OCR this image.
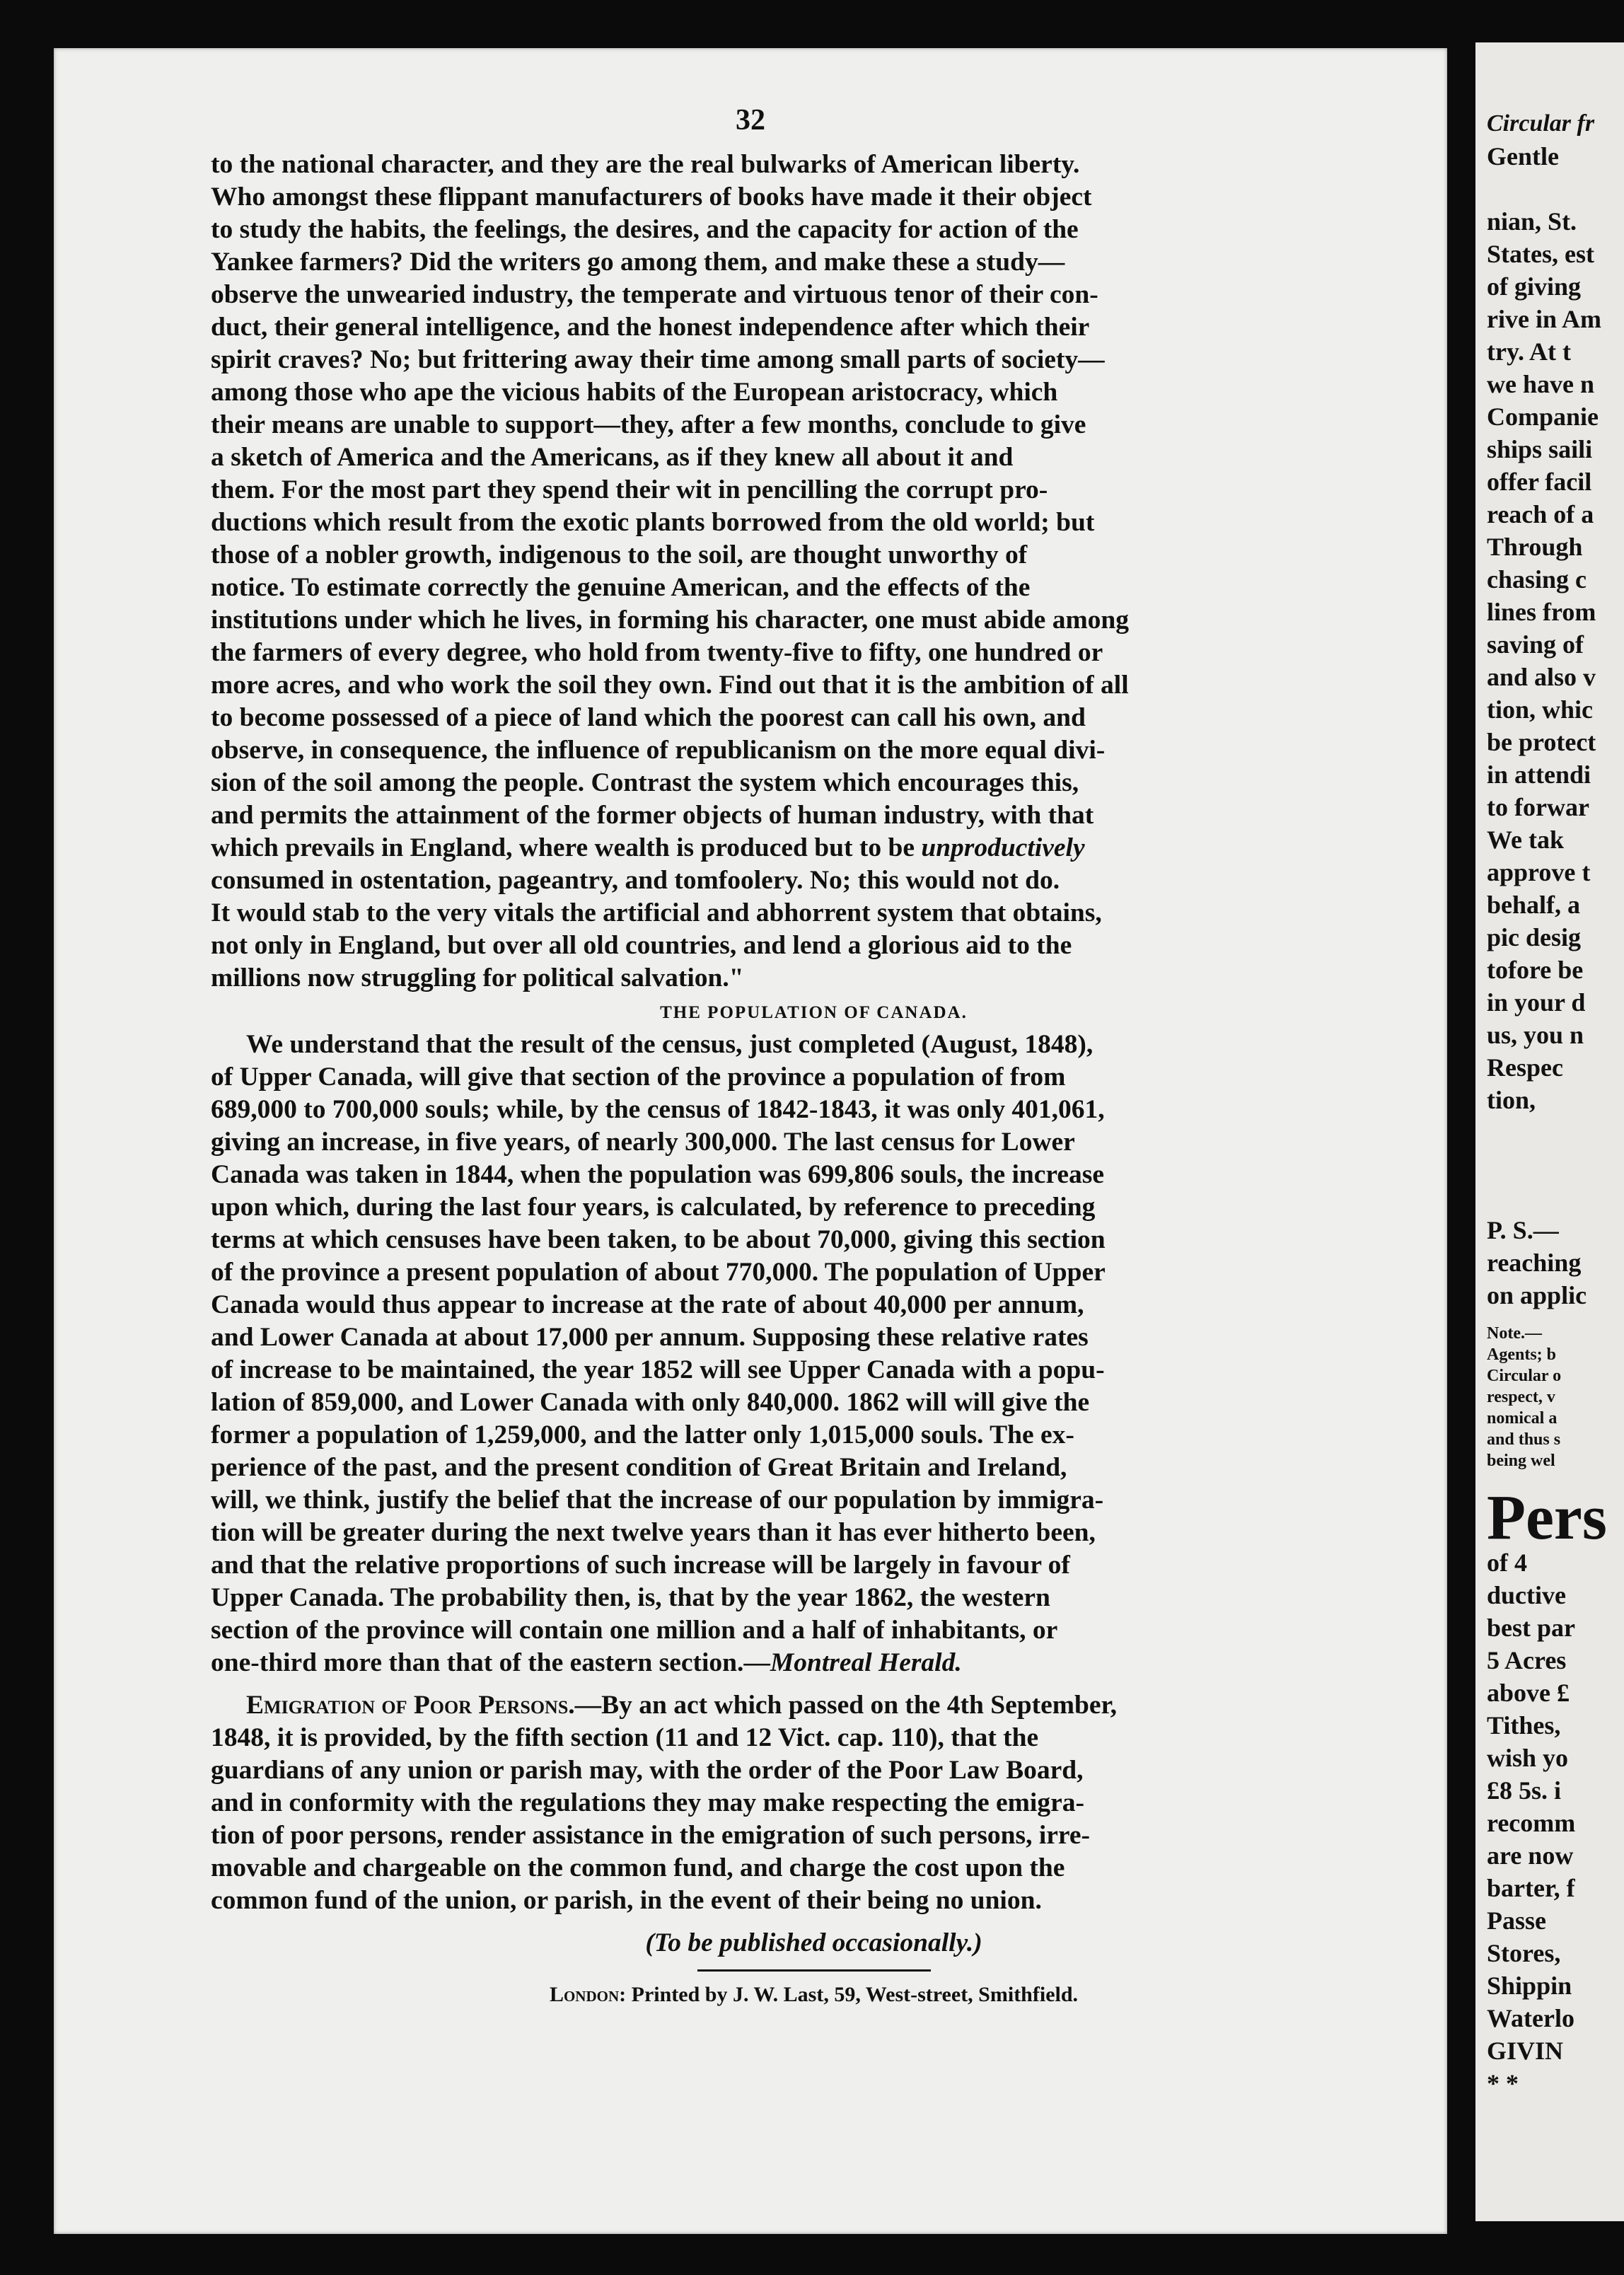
32
to the national character, and they are the real bulwarks of American liberty.
Who amongst these flippant manufacturers of books have made it their object
to study the habits, the feelings, the desires, and the capacity for action of the
Yankee farmers? Did the writers go among them, and make these a study—
observe the unwearied industry, the temperate and virtuous tenor of their con-
duct, their general intelligence, and the honest independence after which their
spirit craves? No; but frittering away their time among small parts of society—
among those who ape the vicious habits of the European aristocracy, which
their means are unable to support—they, after a few months, conclude to give
a sketch of America and the Americans, as if they knew all about it and
them. For the most part they spend their wit in pencilling the corrupt pro-
ductions which result from the exotic plants borrowed from the old world; but
those of a nobler growth, indigenous to the soil, are thought unworthy of
notice. To estimate correctly the genuine American, and the effects of the
institutions under which he lives, in forming his character, one must abide among
the farmers of every degree, who hold from twenty-five to fifty, one hundred or
more acres, and who work the soil they own. Find out that it is the ambition of all
to become possessed of a piece of land which the poorest can call his own, and
observe, in consequence, the influence of republicanism on the more equal divi-
sion of the soil among the people. Contrast the system which encourages this,
and permits the attainment of the former objects of human industry, with that
which prevails in England, where wealth is produced but to be unproductively
consumed in ostentation, pageantry, and tomfoolery. No; this would not do.
It would stab to the very vitals the artificial and abhorrent system that obtains,
not only in England, but over all old countries, and lend a glorious aid to the
millions now struggling for political salvation."
THE POPULATION OF CANADA.
We understand that the result of the census, just completed (August, 1848),
of Upper Canada, will give that section of the province a population of from
689,000 to 700,000 souls; while, by the census of 1842-1843, it was only 401,061,
giving an increase, in five years, of nearly 300,000. The last census for Lower
Canada was taken in 1844, when the population was 699,806 souls, the increase
upon which, during the last four years, is calculated, by reference to preceding
terms at which censuses have been taken, to be about 70,000, giving this section
of the province a present population of about 770,000. The population of Upper
Canada would thus appear to increase at the rate of about 40,000 per annum,
and Lower Canada at about 17,000 per annum. Supposing these relative rates
of increase to be maintained, the year 1852 will see Upper Canada with a popu-
lation of 859,000, and Lower Canada with only 840,000. 1862 will will give the
former a population of 1,259,000, and the latter only 1,015,000 souls. The ex-
perience of the past, and the present condition of Great Britain and Ireland,
will, we think, justify the belief that the increase of our population by immigra-
tion will be greater during the next twelve years than it has ever hitherto been,
and that the relative proportions of such increase will be largely in favour of
Upper Canada. The probability then, is, that by the year 1862, the western
section of the province will contain one million and a half of inhabitants, or
one-third more than that of the eastern section.—Montreal Herald.
Emigration of Poor Persons.—By an act which passed on the 4th September,
1848, it is provided, by the fifth section (11 and 12 Vict. cap. 110), that the
guardians of any union or parish may, with the order of the Poor Law Board,
and in conformity with the regulations they may make respecting the emigra-
tion of poor persons, render assistance in the emigration of such persons, irre-
movable and chargeable on the common fund, and charge the cost upon the
common fund of the union, or parish, in the event of their being no union.
(To be published occasionally.)
London: Printed by J. W. Last, 59, West-street, Smithfield.
Circular fr
Gentle

nian, St.
States, est
of giving
rive in Am
try. At t
we have n
Companie
ships saili
offer facil
reach of a
Through
chasing c
lines from
saving of
and also v
tion, whic
be protect
in attendi
to forwar
We tak
approve t
behalf, a
pic desig
tofore be
in your d
us, you n
Respec
tion,

P. S.—
reaching
on applic
Note.—
Agents; b
Circular o
respect, v
nomical a
and thus s
being wel
Pers
of 4
ductive
best par
5 Acres
above £
Tithes,
wish yo
£8 5s. i
recomm
are now
barter, f
Passe
Stores,
Shippin
Waterlo
GIVIN
* *
